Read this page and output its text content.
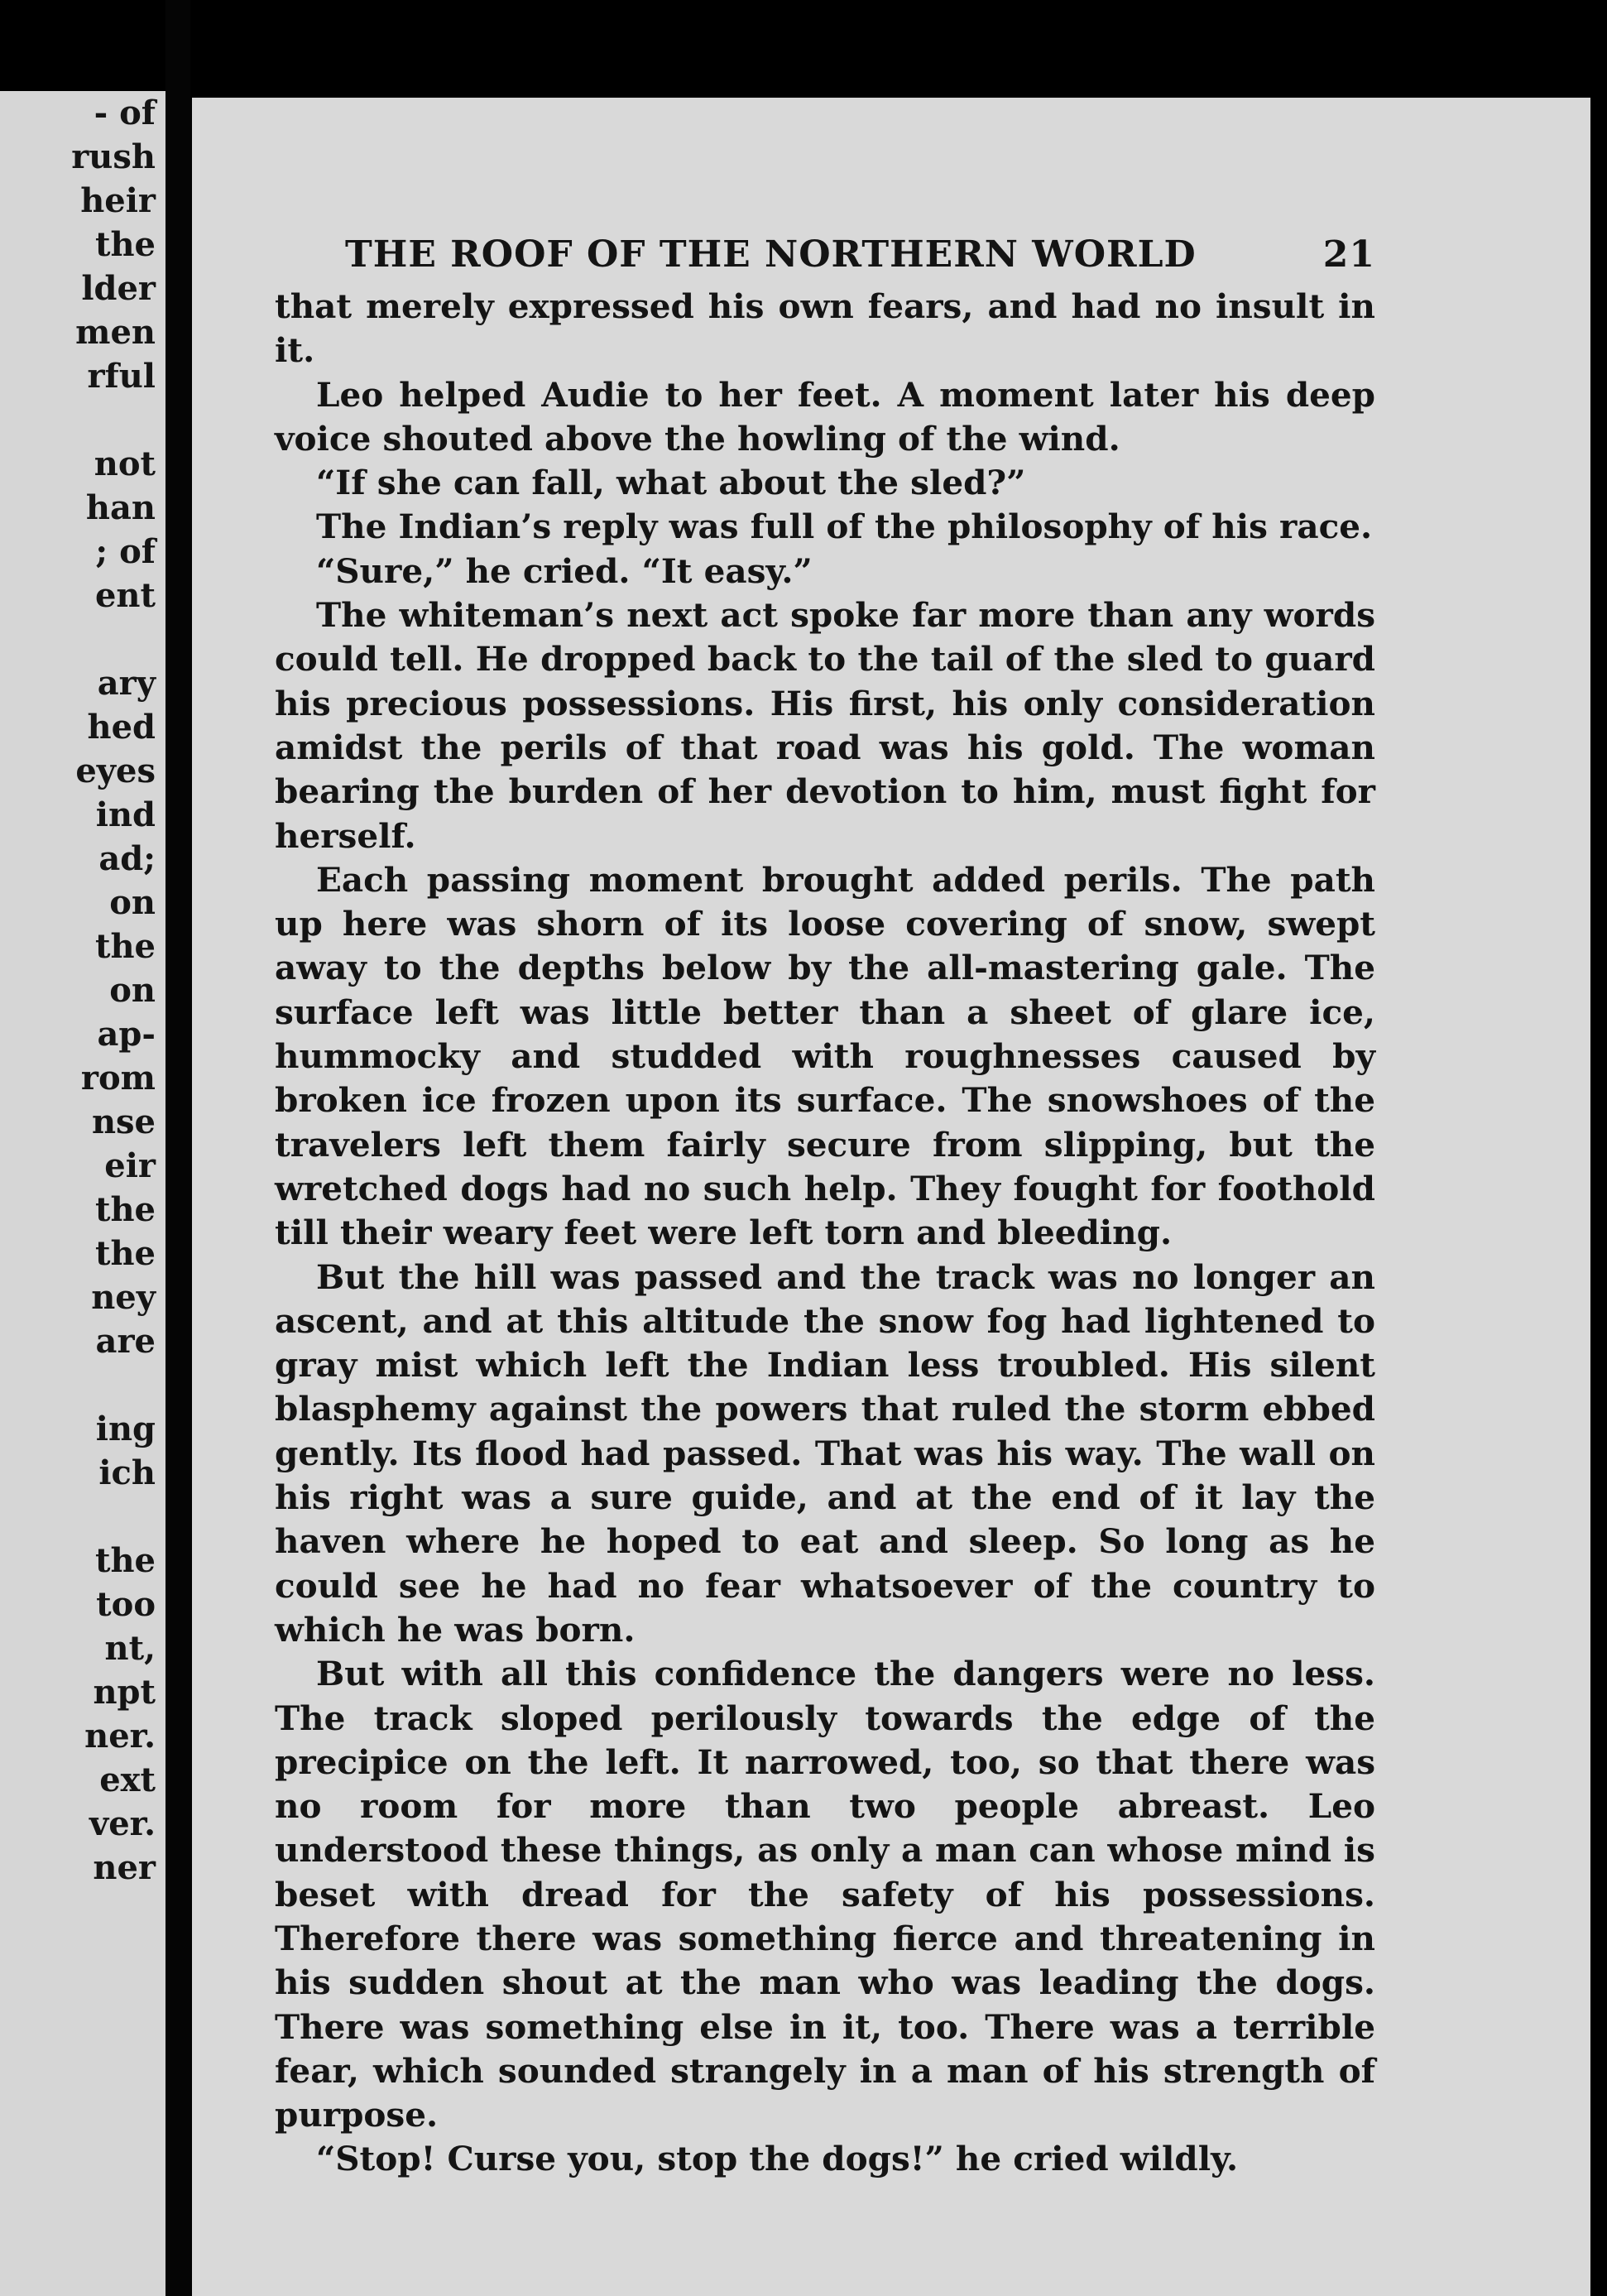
- of
rush
heir
the
lder
men
rful
not
han
; of
ent
ary
hed
eyes
ind
ad;
on
the
on
ap-
rom
nse
eir
the
the
ney
are
ing
ich
the
too
nt,
npt
ner.
ext
ver.
ner
THE ROOF OF THE NORTHERN WORLD	21

that merely expressed his own fears, and had no insult in it.

Leo helped Audie to her feet. A moment later his deep voice shouted above the howling of the wind.

“If she can fall, what about the sled?”

The Indian’s reply was full of the philosophy of his race.

“Sure,” he cried. “It easy.”

The whiteman’s next act spoke far more than any words could tell. He dropped back to the tail of the sled to guard his precious possessions. His first, his only consideration amidst the perils of that road was his gold. The woman bearing the burden of her devotion to him, must fight for herself.

Each passing moment brought added perils. The path up here was shorn of its loose covering of snow, swept away to the depths below by the all-mastering gale. The surface left was little better than a sheet of glare ice, hummocky and studded with roughnesses caused by broken ice frozen upon its surface. The snowshoes of the travelers left them fairly secure from slipping, but the wretched dogs had no such help. They fought for foothold till their weary feet were left torn and bleeding.

But the hill was passed and the track was no longer an ascent, and at this altitude the snow fog had lightened to gray mist which left the Indian less troubled. His silent blasphemy against the powers that ruled the storm ebbed gently. Its flood had passed. That was his way. The wall on his right was a sure guide, and at the end of it lay the haven where he hoped to eat and sleep. So long as he could see he had no fear whatsoever of the country to which he was born.

But with all this confidence the dangers were no less. The track sloped perilously towards the edge of the precipice on the left. It narrowed, too, so that there was no room for more than two people abreast. Leo understood these things, as only a man can whose mind is beset with dread for the safety of his possessions. Therefore there was something fierce and threatening in his sudden shout at the man who was leading the dogs. There was something else in it, too. There was a terrible fear, which sounded strangely in a man of his strength of purpose.

“Stop! Curse you, stop the dogs!” he cried wildly.
